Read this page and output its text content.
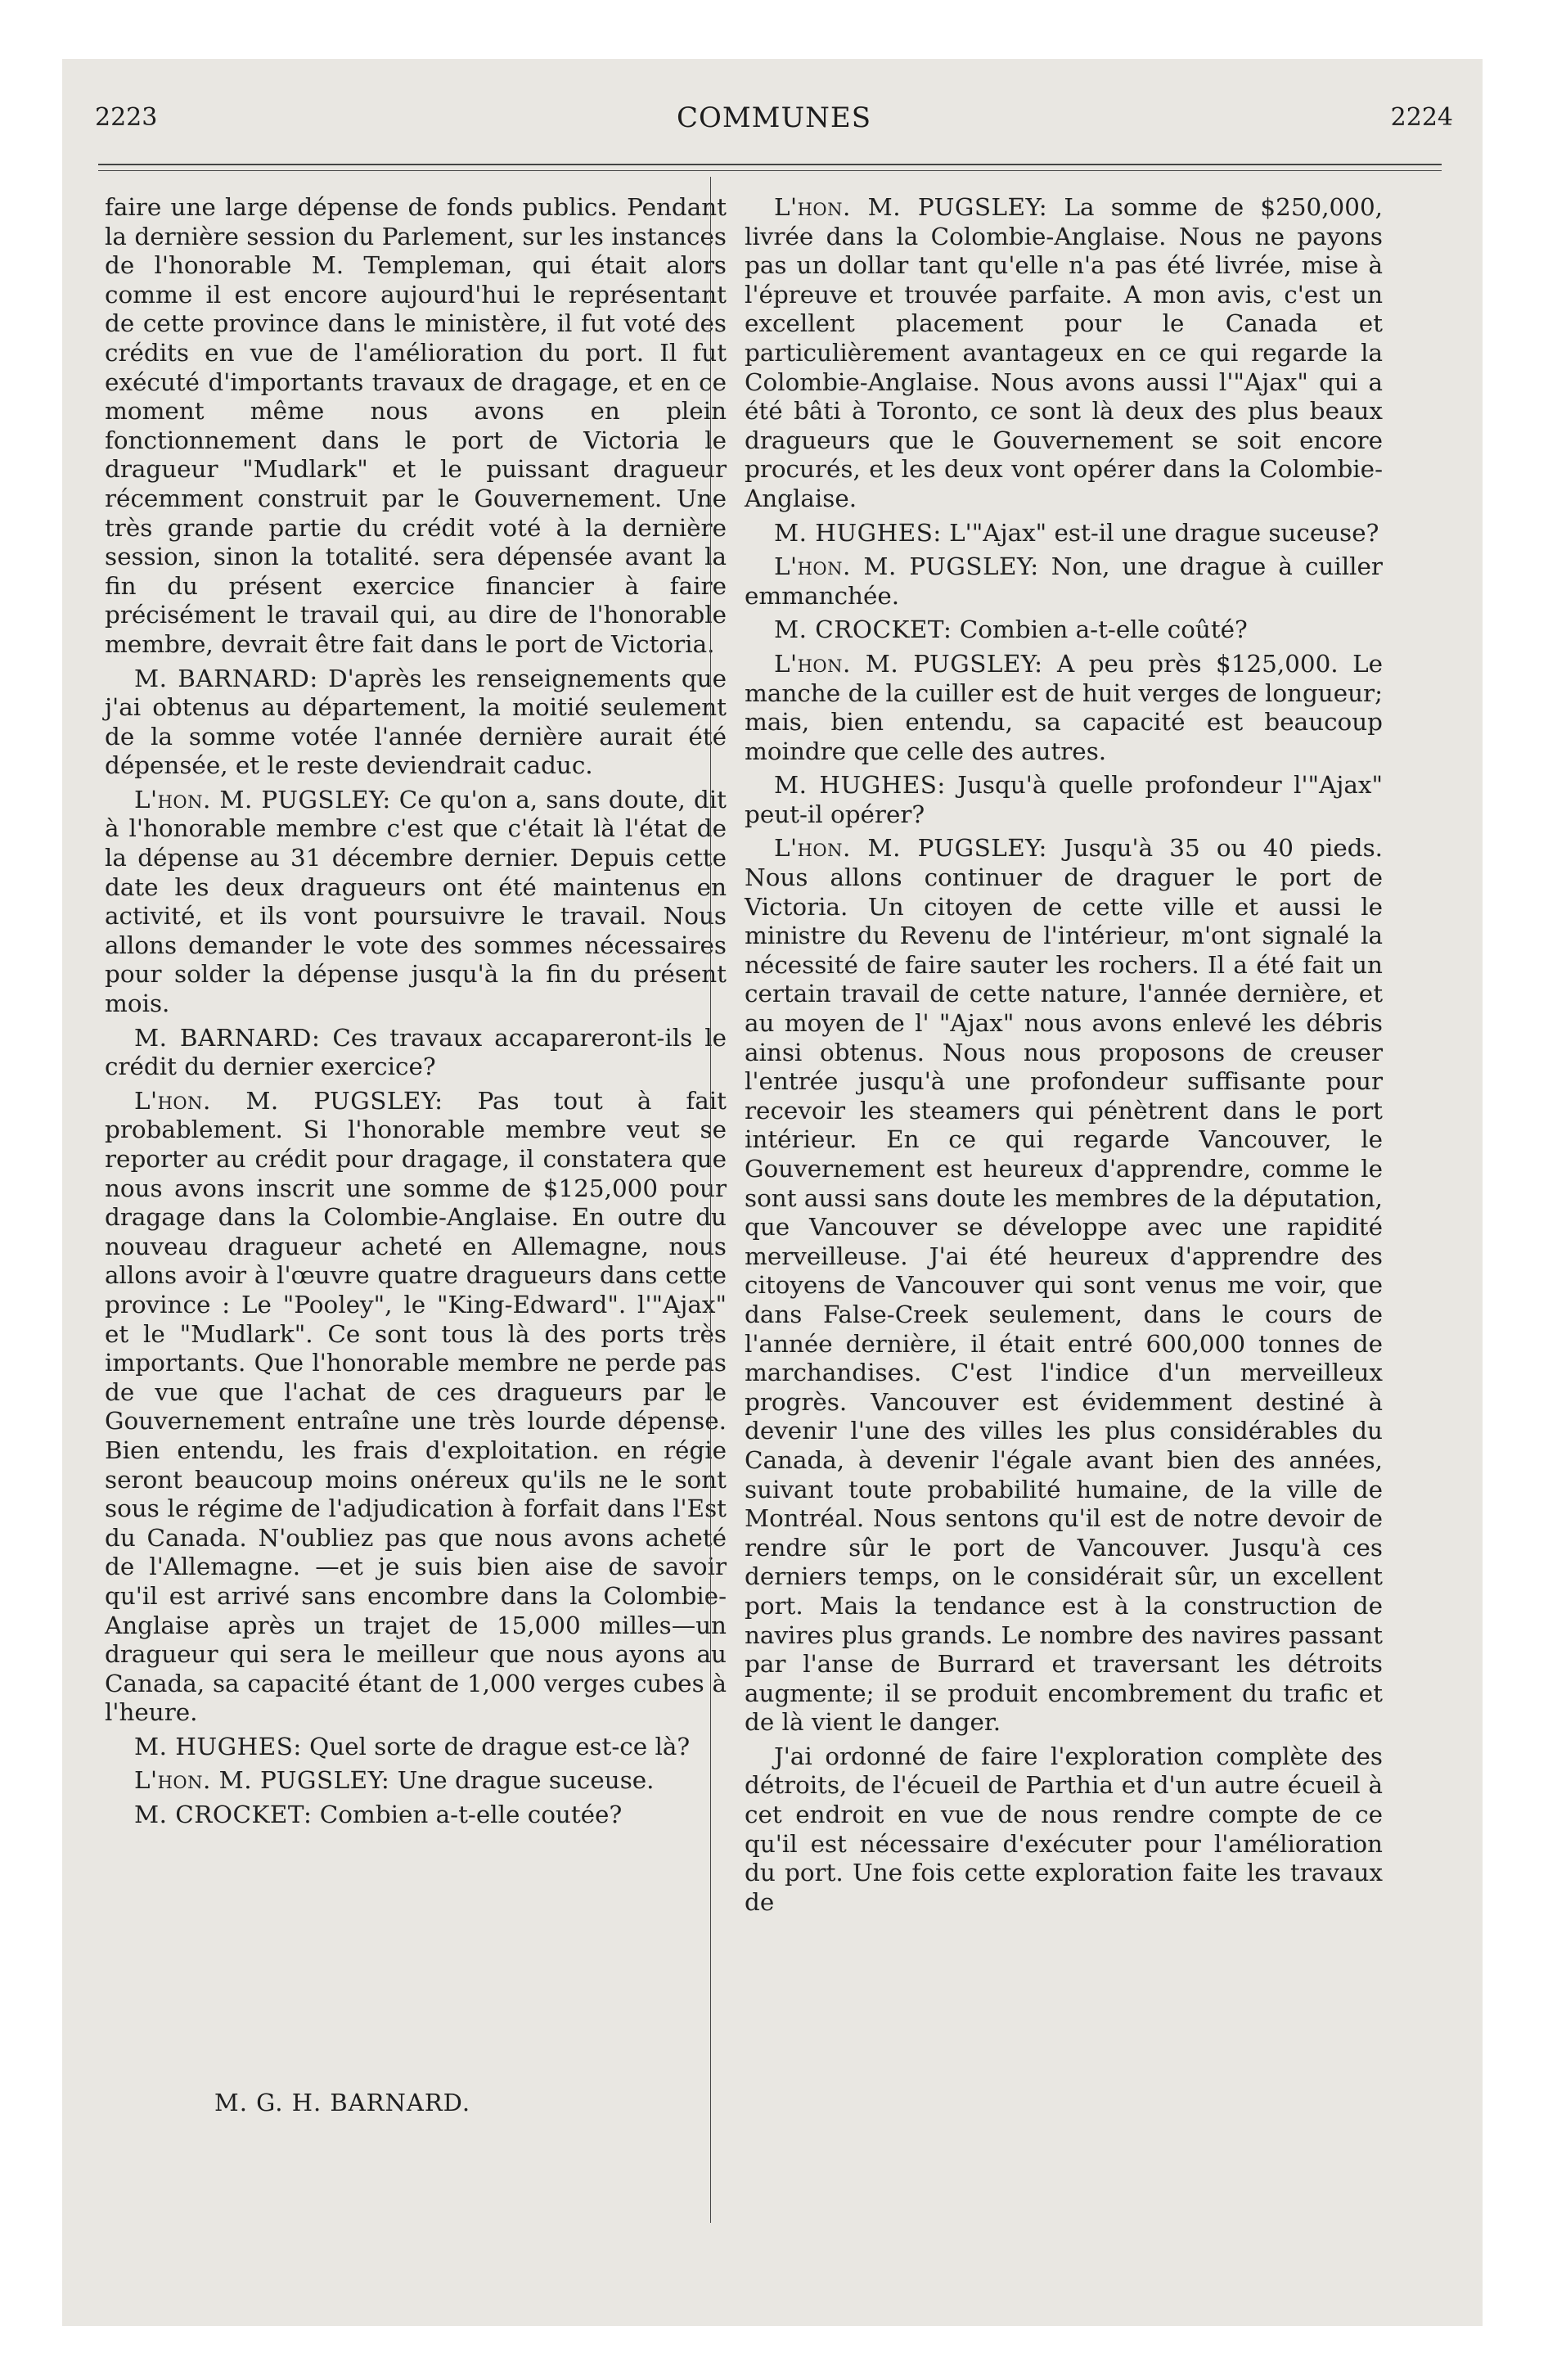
2223	COMMUNES	2224

faire une large dépense de fonds publics. Pendant la dernière session du Parlement, sur les instances de l'honorable M. Templeman, qui était alors comme il est encore aujourd'hui le représentant de cette province dans le ministère, il fut voté des crédits en vue de l'amélioration du port. Il fut exécuté d'importants travaux de dragage, et en ce moment même nous avons en plein fonctionnement dans le port de Victoria le dragueur "Mudlark" et le puissant dragueur récemment construit par le Gouvernement. Une très grande partie du crédit voté à la dernière session, sinon la totalité. sera dépensée avant la fin du présent exercice financier à faire précisément le travail qui, au dire de l'honorable membre, devrait être fait dans le port de Victoria.

M. BARNARD: D'après les renseignements que j'ai obtenus au département, la moitié seulement de la somme votée l'année dernière aurait été dépensée, et le reste deviendrait caduc.

L'hon. M. PUGSLEY: Ce qu'on a, sans doute, dit à l'honorable membre c'est que c'était là l'état de la dépense au 31 décembre dernier. Depuis cette date les deux dragueurs ont été maintenus en activité, et ils vont poursuivre le travail. Nous allons demander le vote des sommes nécessaires pour solder la dépense jusqu'à la fin du présent mois.

M. BARNARD: Ces travaux accapareront-ils le crédit du dernier exercice?

L'hon. M. PUGSLEY: Pas tout à fait probablement. Si l'honorable membre veut se reporter au crédit pour dragage, il constatera que nous avons inscrit une somme de $125,000 pour dragage dans la Colombie-Anglaise. En outre du nouveau dragueur acheté en Allemagne, nous allons avoir à l'œuvre quatre dragueurs dans cette province : Le "Pooley", le "King-Edward". l'"Ajax" et le "Mudlark". Ce sont tous là des ports très importants. Que l'honorable membre ne perde pas de vue que l'achat de ces dragueurs par le Gouvernement entraîne une très lourde dépense. Bien entendu, les frais d'exploitation. en régie seront beaucoup moins onéreux qu'ils ne le sont sous le régime de l'adjudication à forfait dans l'Est du Canada. N'oubliez pas que nous avons acheté de l'Allemagne. —et je suis bien aise de savoir qu'il est arrivé sans encombre dans la Colombie-Anglaise après un trajet de 15,000 milles—un dragueur qui sera le meilleur que nous ayons au Canada, sa capacité étant de 1,000 verges cubes à l'heure.

M. HUGHES: Quel sorte de drague est-ce là?

L'hon. M. PUGSLEY: Une drague suceuse.

M. CROCKET: Combien a-t-elle coutée?

M. G. H. BARNARD.

L'hon. M. PUGSLEY: La somme de $250,000, livrée dans la Colombie-Anglaise. Nous ne payons pas un dollar tant qu'elle n'a pas été livrée, mise à l'épreuve et trouvée parfaite. A mon avis, c'est un excellent placement pour le Canada et particulièrement avantageux en ce qui regarde la Colombie-Anglaise. Nous avons aussi l'"Ajax" qui a été bâti à Toronto, ce sont là deux des plus beaux dragueurs que le Gouvernement se soit encore procurés, et les deux vont opérer dans la Colombie-Anglaise.

M. HUGHES: L'"Ajax" est-il une drague suceuse?

L'hon. M. PUGSLEY: Non, une drague à cuiller emmanchée.

M. CROCKET: Combien a-t-elle coûté?

L'hon. M. PUGSLEY: A peu près $125,000. Le manche de la cuiller est de huit verges de longueur; mais, bien entendu, sa capacité est beaucoup moindre que celle des autres.

M. HUGHES: Jusqu'à quelle profondeur l'"Ajax" peut-il opérer?

L'hon. M. PUGSLEY: Jusqu'à 35 ou 40 pieds. Nous allons continuer de draguer le port de Victoria. Un citoyen de cette ville et aussi le ministre du Revenu de l'intérieur, m'ont signalé la nécessité de faire sauter les rochers. Il a été fait un certain travail de cette nature, l'année dernière, et au moyen de l' "Ajax" nous avons enlevé les débris ainsi obtenus. Nous nous proposons de creuser l'entrée jusqu'à une profondeur suffisante pour recevoir les steamers qui pénètrent dans le port intérieur. En ce qui regarde Vancouver, le Gouvernement est heureux d'apprendre, comme le sont aussi sans doute les membres de la députation, que Vancouver se développe avec une rapidité merveilleuse. J'ai été heureux d'apprendre des citoyens de Vancouver qui sont venus me voir, que dans False-Creek seulement, dans le cours de l'année dernière, il était entré 600,000 tonnes de marchandises. C'est l'indice d'un merveilleux progrès. Vancouver est évidemment destiné à devenir l'une des villes les plus considérables du Canada, à devenir l'égale avant bien des années, suivant toute probabilité humaine, de la ville de Montréal. Nous sentons qu'il est de notre devoir de rendre sûr le port de Vancouver. Jusqu'à ces derniers temps, on le considérait sûr, un excellent port. Mais la tendance est à la construction de navires plus grands. Le nombre des navires passant par l'anse de Burrard et traversant les détroits augmente; il se produit encombrement du trafic et de là vient le danger.

J'ai ordonné de faire l'exploration complète des détroits, de l'écueil de Parthia et d'un autre écueil à cet endroit en vue de nous rendre compte de ce qu'il est nécessaire d'exécuter pour l'amélioration du port. Une fois cette exploration faite les travaux de
